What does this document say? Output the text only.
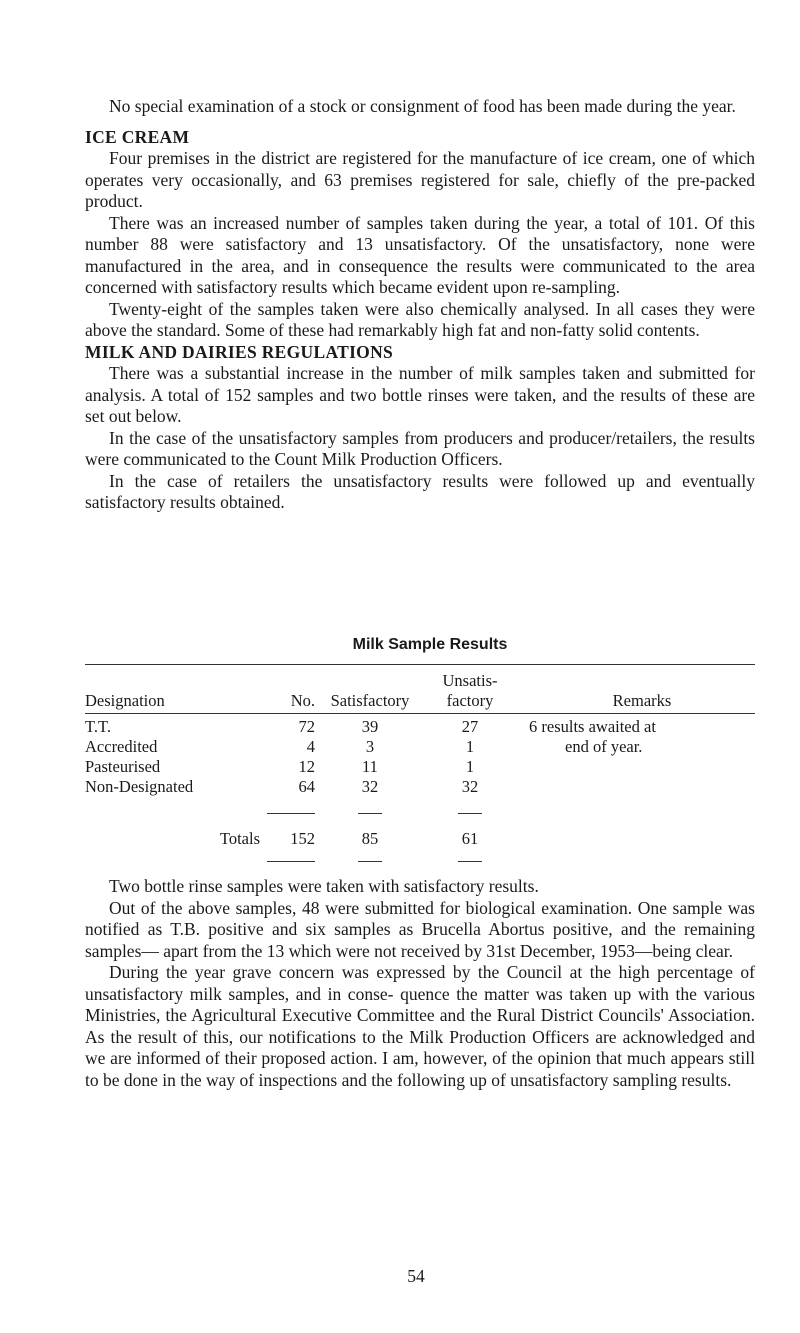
No special examination of a stock or consignment of food has been made during the year.

ICE CREAM

Four premises in the district are registered for the manufacture of ice cream, one of which operates very occasionally, and 63 premises registered for sale, chiefly of the pre-packed product.

There was an increased number of samples taken during the year, a total of 101. Of this number 88 were satisfactory and 13 unsatisfactory. Of the unsatisfactory, none were manufactured in the area, and in consequence the results were communicated to the area concerned with satisfactory results which became evident upon re-sampling.

Twenty-eight of the samples taken were also chemically analysed. In all cases they were above the standard. Some of these had remarkably high fat and non-fatty solid contents.

MILK AND DAIRIES REGULATIONS

There was a substantial increase in the number of milk samples taken and submitted for analysis. A total of 152 samples and two bottle rinses were taken, and the results of these are set out below.

In the case of the unsatisfactory samples from producers and producer/retailers, the results were communicated to the Count Milk Production Officers.

In the case of retailers the unsatisfactory results were followed up and eventually satisfactory results obtained.

Milk Sample Results
			Unsatis-	
Designation	No.	Satisfactory	factory	Remarks
T.T.	72	39	27	6 results awaited at
Accredited	4	3	1	end of year.
Pasteurised	12	11	1	
Non-Designated	64	32	32	

Totals	152	85	61	

Two bottle rinse samples were taken with satisfactory results.

Out of the above samples, 48 were submitted for biological examination. One sample was notified as T.B. positive and six samples as Brucella Abortus positive, and the remaining samples— apart from the 13 which were not received by 31st December, 1953—being clear.

During the year grave concern was expressed by the Council at the high percentage of unsatisfactory milk samples, and in conse- quence the matter was taken up with the various Ministries, the Agricultural Executive Committee and the Rural District Councils' Association. As the result of this, our notifications to the Milk Production Officers are acknowledged and we are informed of their proposed action. I am, however, of the opinion that much appears still to be done in the way of inspections and the following up of unsatisfactory sampling results.

54
